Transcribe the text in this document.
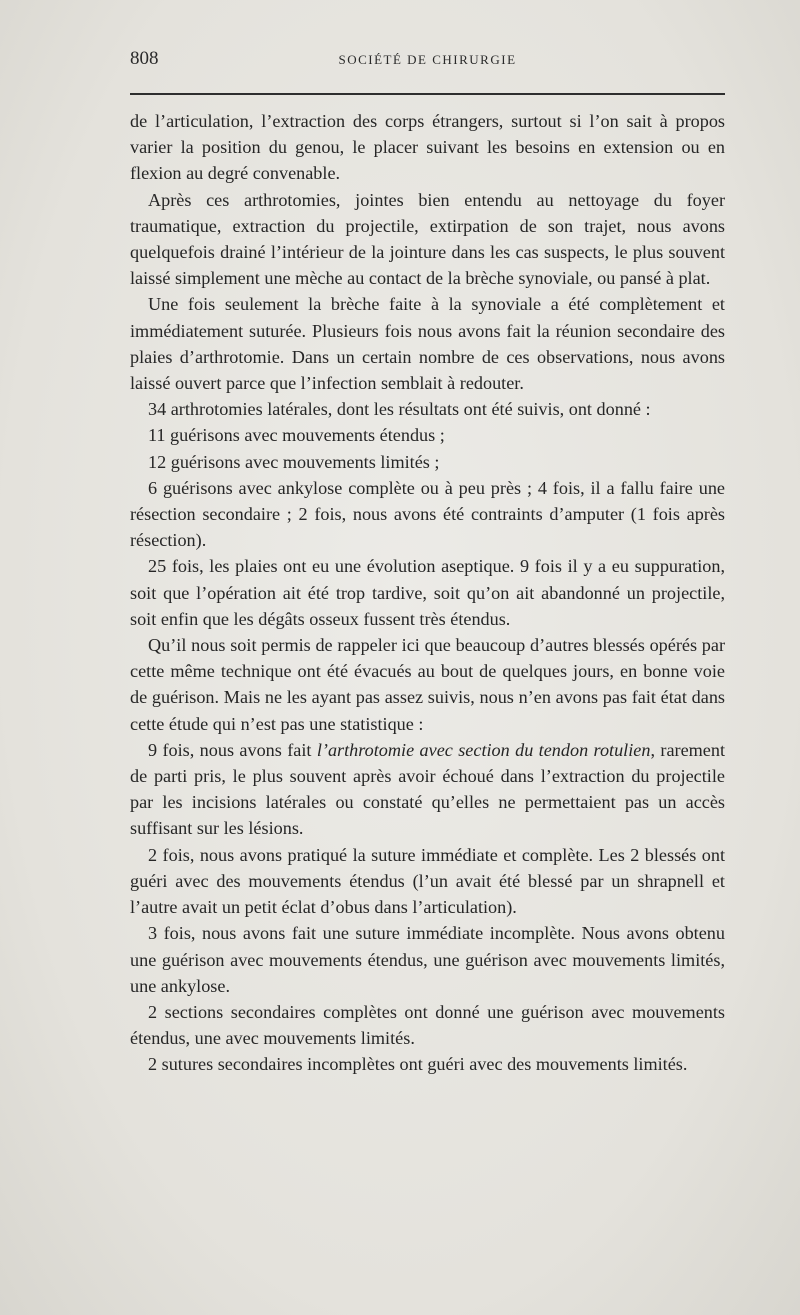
808	SOCIÉTÉ DE CHIRURGIE

de l’articulation, l’extraction des corps étrangers, surtout si l’on sait à propos varier la position du genou, le placer suivant les besoins en extension ou en flexion au degré convenable.

Après ces arthrotomies, jointes bien entendu au nettoyage du foyer traumatique, extraction du projectile, extirpation de son trajet, nous avons quelquefois drainé l’intérieur de la jointure dans les cas suspects, le plus souvent laissé simplement une mèche au contact de la brèche synoviale, ou pansé à plat.

Une fois seulement la brèche faite à la synoviale a été complètement et immédiatement suturée. Plusieurs fois nous avons fait la réunion secondaire des plaies d’arthrotomie. Dans un certain nombre de ces observations, nous avons laissé ouvert parce que l’infection semblait à redouter.

34 arthrotomies latérales, dont les résultats ont été suivis, ont donné :

11 guérisons avec mouvements étendus ;

12 guérisons avec mouvements limités ;

6 guérisons avec ankylose complète ou à peu près ; 4 fois, il a fallu faire une résection secondaire ; 2 fois, nous avons été contraints d’amputer (1 fois après résection).

25 fois, les plaies ont eu une évolution aseptique. 9 fois il y a eu suppuration, soit que l’opération ait été trop tardive, soit qu’on ait abandonné un projectile, soit enfin que les dégâts osseux fussent très étendus.

Qu’il nous soit permis de rappeler ici que beaucoup d’autres blessés opérés par cette même technique ont été évacués au bout de quelques jours, en bonne voie de guérison. Mais ne les ayant pas assez suivis, nous n’en avons pas fait état dans cette étude qui n’est pas une statistique :

9 fois, nous avons fait l’arthrotomie avec section du tendon rotulien, rarement de parti pris, le plus souvent après avoir échoué dans l’extraction du projectile par les incisions latérales ou constaté qu’elles ne permettaient pas un accès suffisant sur les lésions.

2 fois, nous avons pratiqué la suture immédiate et complète. Les 2 blessés ont guéri avec des mouvements étendus (l’un avait été blessé par un shrapnell et l’autre avait un petit éclat d’obus dans l’articulation).

3 fois, nous avons fait une suture immédiate incomplète. Nous avons obtenu une guérison avec mouvements étendus, une guérison avec mouvements limités, une ankylose.

2 sections secondaires complètes ont donné une guérison avec mouvements étendus, une avec mouvements limités.

2 sutures secondaires incomplètes ont guéri avec des mouvements limités.
